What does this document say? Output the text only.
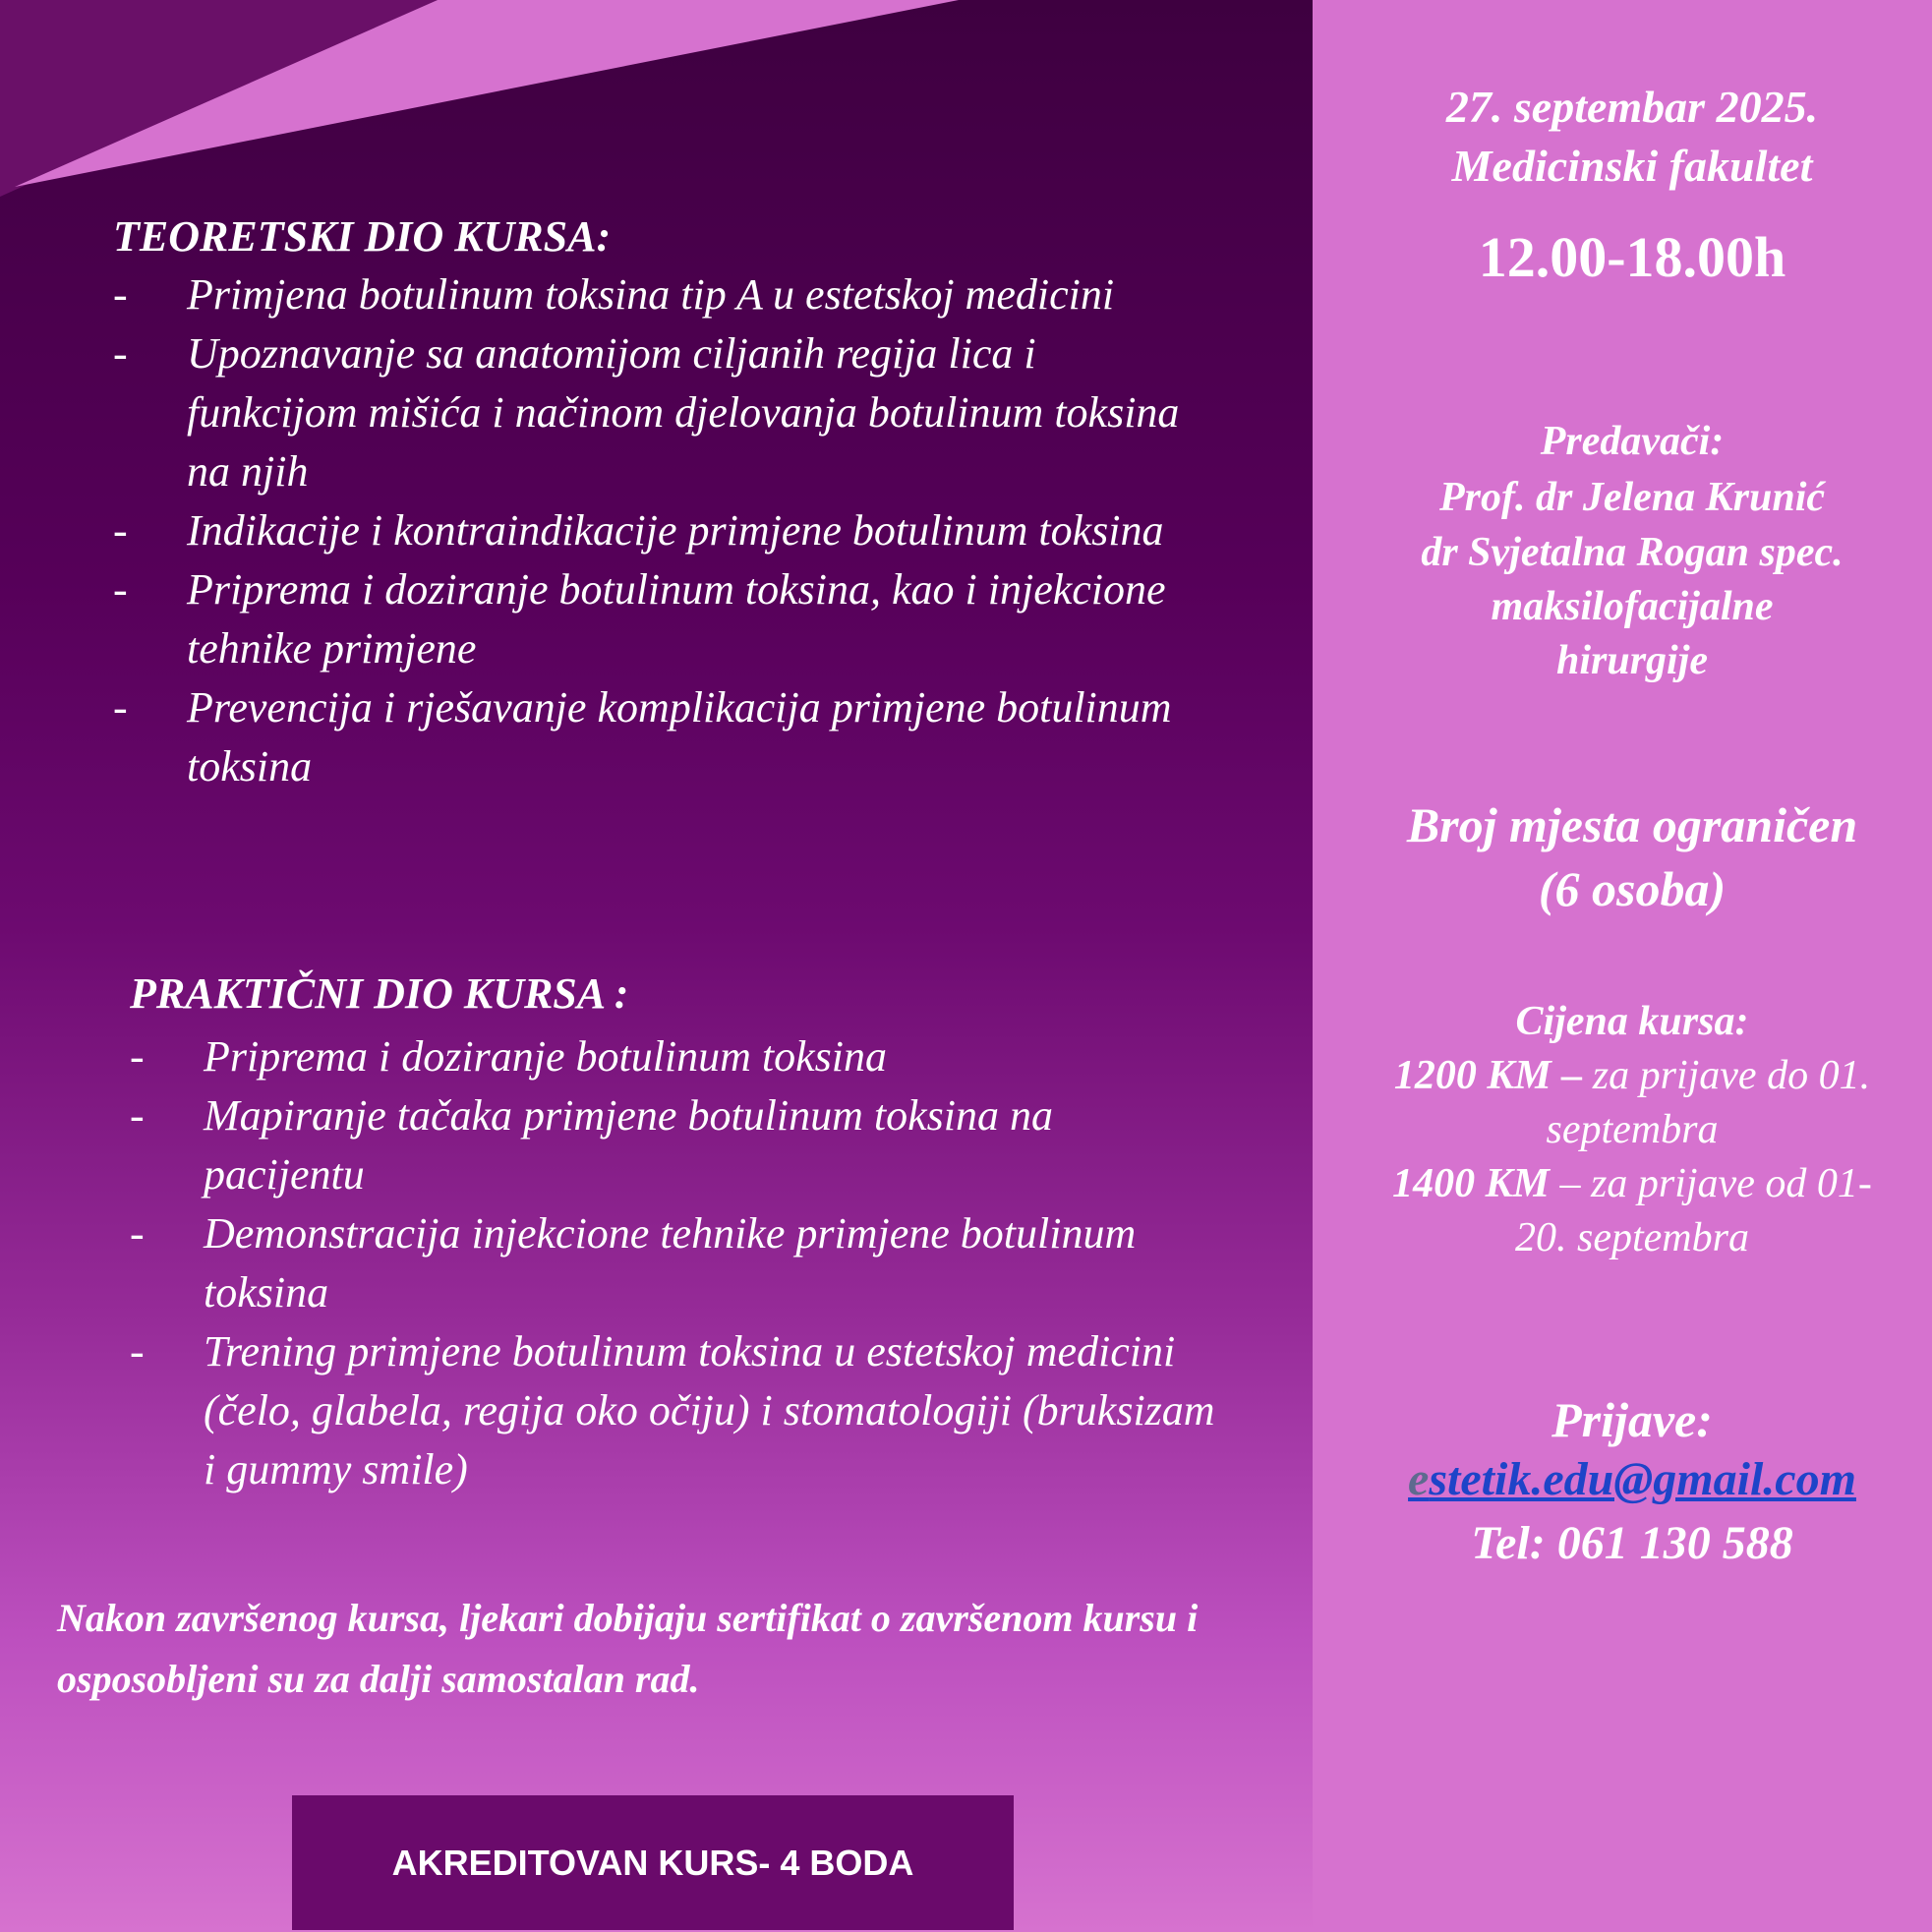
TEORETSKI DIO KURSA:
-	Primjena botulinum toksina tip A u estetskoj medicini
-	Upoznavanje sa anatomijom ciljanih regija lica i funkcijom mišića i načinom djelovanja botulinum toksina na njih
-	Indikacije i kontraindikacije primjene botulinum toksina
-	Priprema i doziranje botulinum toksina, kao i injekcione tehnike primjene
-	Prevencija i rješavanje komplikacija primjene botulinum toksina
PRAKTIČNI DIO KURSA :
-	Priprema i doziranje botulinum toksina
-	Mapiranje tačaka primjene botulinum toksina na pacijentu
-	Demonstracija injekcione tehnike primjene botulinum toksina
-	Trening primjene botulinum toksina u estetskoj medicini (čelo, glabela, regija oko očiju) i stomatologiji (bruksizam i gummy smile)
Nakon završenog kursa, ljekari dobijaju sertifikat o završenom kursu i osposobljeni su za dalji samostalan rad.
AKREDITOVAN KURS- 4 BODA
27. septembar 2025.
Medicinski fakultet
12.00-18.00h
Predavači:
Prof. dr Jelena Krunić
dr Svjetalna Rogan spec.
maksilofacijalne
hirurgije
Broj mjesta ograničen
(6 osoba)
Cijena kursa:
1200 KM – za prijave do 01.
septembra
1400 KM – za prijave od 01-
20. septembra
Prijave:
estetik.edu@gmail.com
Tel: 061 130 588
